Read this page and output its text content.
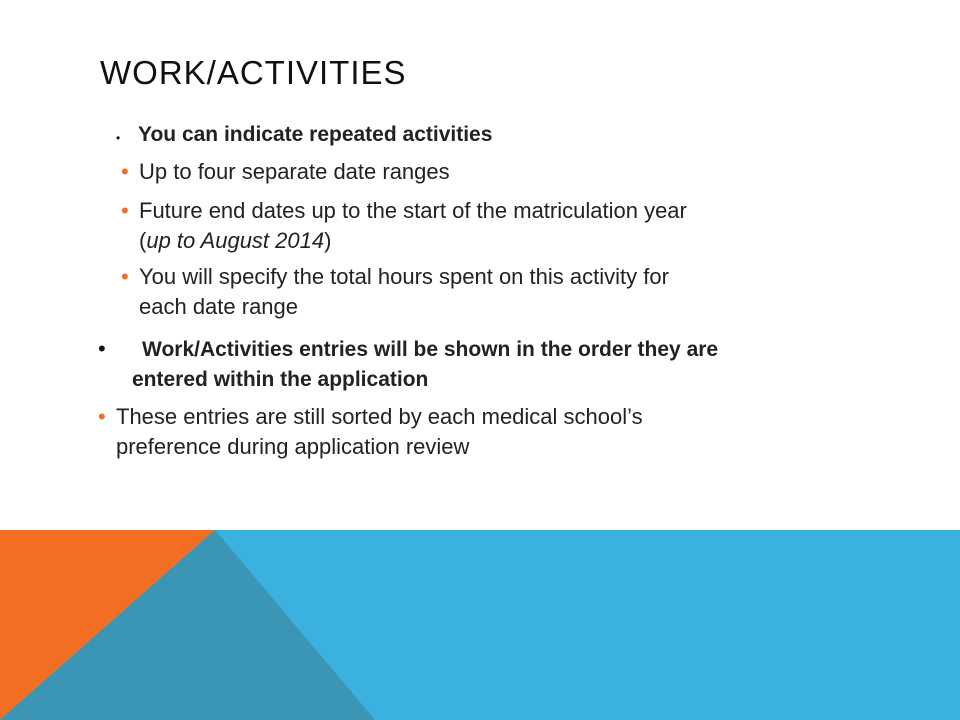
WORK/ACTIVITIES
• You can indicate repeated activities
• Up to four separate date ranges
• Future end dates up to the start of the matriculation year
(up to August 2014)
• You will specify the total hours spent on this activity for
each date range
•	Work/Activities entries will be shown in the order they are
entered within the application
• These entries are still sorted by each medical school’s
preference during application review
